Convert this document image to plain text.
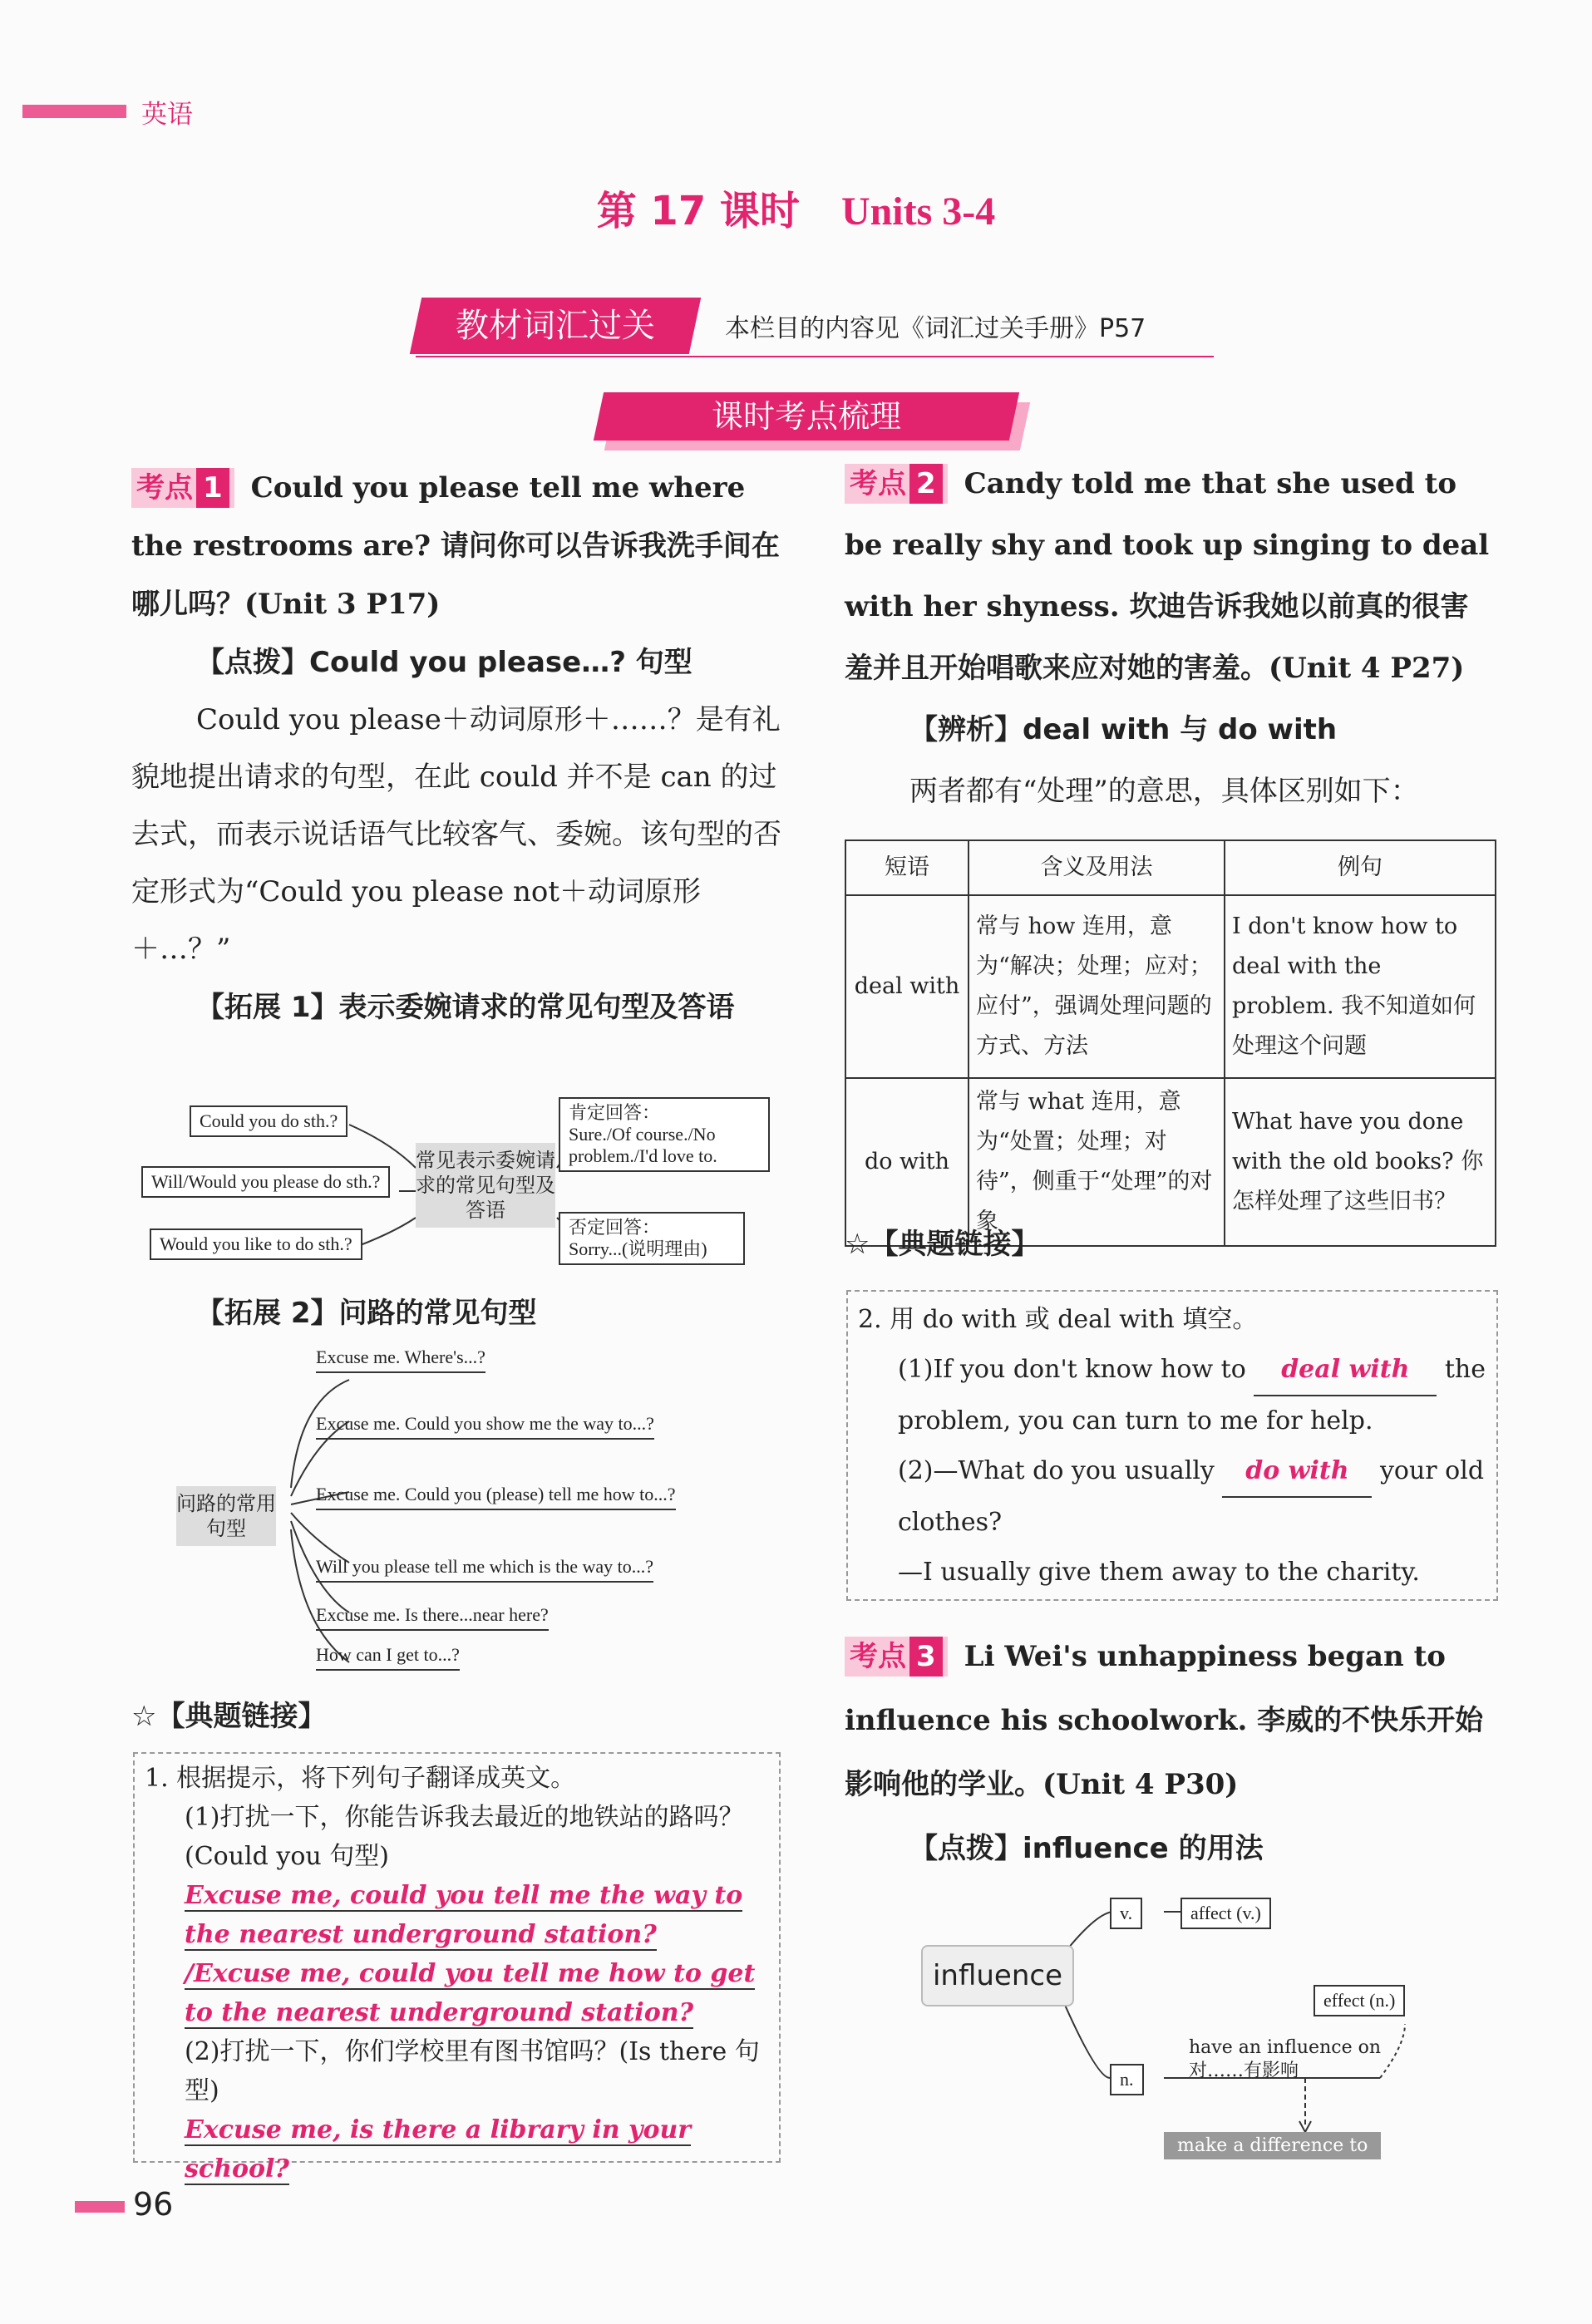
英语
第 17 课时 Units 3-4
教材词汇过关	本栏目的内容见《词汇过关手册》P57
课时考点梳理
考点 1 Could you please tell me where the restrooms are? 请问你可以告诉我洗手间在哪儿吗？(Unit 3 P17)
【点拨】Could you please…? 句型
Could you please＋动词原形＋……？是有礼貌地提出请求的句型，在此 could 并不是 can 的过去式，而表示说话语气比较客气、委婉。该句型的否定形式为“Could you please not＋动词原形＋…？”
【拓展 1】表示委婉请求的常见句型及答语
Could you do sth.?
Will/Would you please do sth.?
Would you like to do sth.?
常见表示委婉请求的常见句型及答语
肯定回答：
Sure./Of course./No problem./I'd love to.
否定回答：
Sorry...(说明理由)
【拓展 2】问路的常见句型
问路的常用句型
Excuse me. Where's...?
Excuse me. Could you show me the way to...?
Excuse me. Could you (please) tell me how to...?
Will you please tell me which is the way to...?
Excuse me. Is there...near here?
How can I get to...?
☆【典题链接】
1. 根据提示，将下列句子翻译成英文。
(1)打扰一下，你能告诉我去最近的地铁站的路吗？(Could you 句型)
Excuse me, could you tell me the way to the nearest underground station? /Excuse me, could you tell me how to get to the nearest underground station?
(2)打扰一下，你们学校里有图书馆吗？(Is there 句型)
Excuse me, is there a library in your school?
96
考点 2 Candy told me that she used to be really shy and took up singing to deal with her shyness. 坎迪告诉我她以前真的很害羞并且开始唱歌来应对她的害羞。(Unit 4 P27)
【辨析】deal with 与 do with
两者都有“处理”的意思，具体区别如下：
短语	含义及用法	例句
deal with	常与 how 连用，意为“解决；处理；应对；应付”，强调处理问题的方式、方法	I don't know how to deal with the problem. 我不知道如何处理这个问题
do with	常与 what 连用，意为“处置；处理；对待”，侧重于“处理”的对象	What have you done with the old books? 你怎样处理了这些旧书？
☆【典题链接】
2. 用 do with 或 deal with 填空。
(1)If you don't know how to deal with the problem, you can turn to me for help.
(2)—What do you usually do with your old clothes?
—I usually give them away to the charity.
考点 3 Li Wei's unhappiness began to influence his schoolwork. 李威的不快乐开始影响他的学业。(Unit 4 P30)
【点拨】influence 的用法
influence
v.	affect (v.)
n.
effect (n.)
have an influence on
对……有影响
make a difference to
